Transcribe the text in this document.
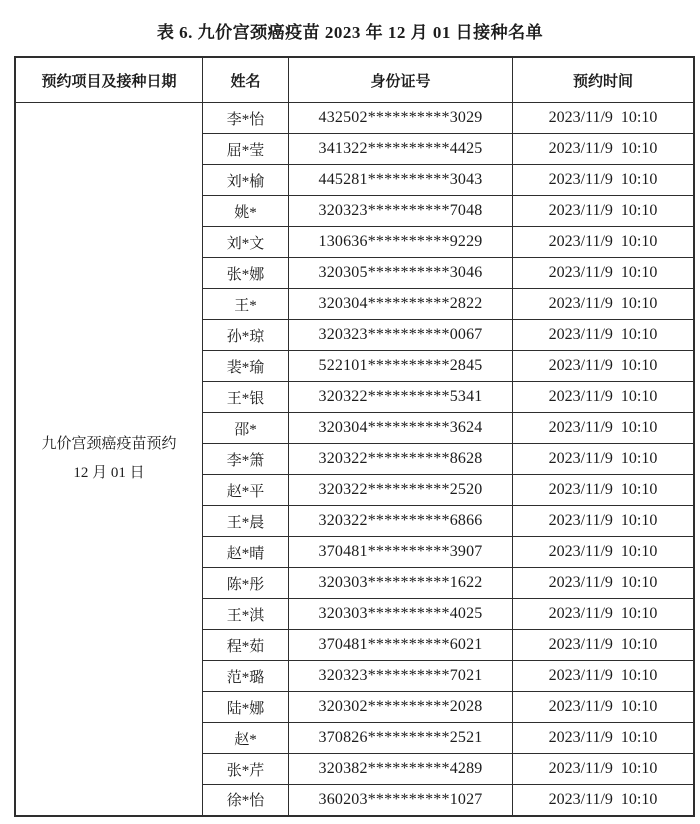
表 6. 九价宫颈癌疫苗 2023 年 12 月 01 日接种名单
预约项目及接种日期	姓名	身份证号	预约时间

九价宫颈癌疫苗预约
12 月 01 日	李*怡	432502**********3029	2023/11/9  10:10
	屈*莹	341322**********4425	2023/11/9  10:10
	刘*榆	445281**********3043	2023/11/9  10:10
	姚*	320323**********7048	2023/11/9  10:10
	刘*文	130636**********9229	2023/11/9  10:10
	张*娜	320305**********3046	2023/11/9  10:10
	王*	320304**********2822	2023/11/9  10:10
	孙*琼	320323**********0067	2023/11/9  10:10
	裴*瑜	522101**********2845	2023/11/9  10:10
	王*银	320322**********5341	2023/11/9  10:10
	邵*	320304**********3624	2023/11/9  10:10
	李*箫	320322**********8628	2023/11/9  10:10
	赵*平	320322**********2520	2023/11/9  10:10
	王*晨	320322**********6866	2023/11/9  10:10
	赵*晴	370481**********3907	2023/11/9  10:10
	陈*彤	320303**********1622	2023/11/9  10:10
	王*淇	320303**********4025	2023/11/9  10:10
	程*茹	370481**********6021	2023/11/9  10:10
	范*璐	320323**********7021	2023/11/9  10:10
	陆*娜	320302**********2028	2023/11/9  10:10
	赵*	370826**********2521	2023/11/9  10:10
	张*芹	320382**********4289	2023/11/9  10:10
	徐*怡	360203**********1027	2023/11/9  10:10
